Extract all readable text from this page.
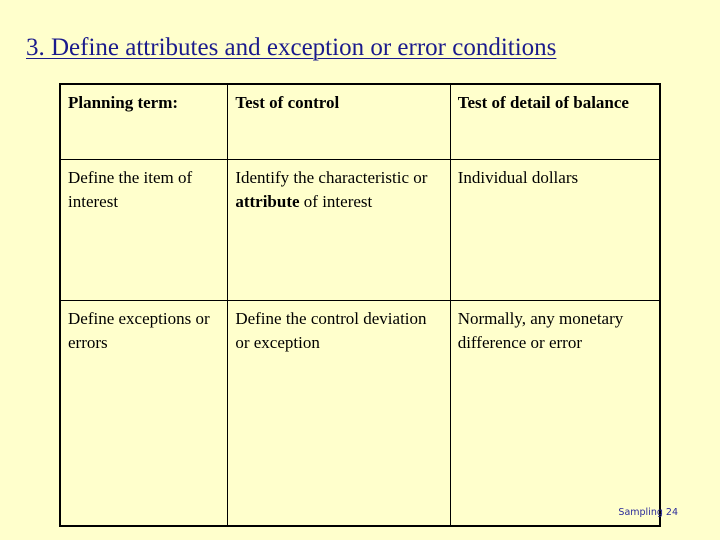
3. Define attributes and exception or error conditions
Planning term:	Test of control	Test of detail of balance
Define the item of interest	Identify the characteristic or attribute of interest	Individual dollars
Define exceptions or errors	Define the control deviation or exception	Normally, any monetary difference or error
Sampling 24
